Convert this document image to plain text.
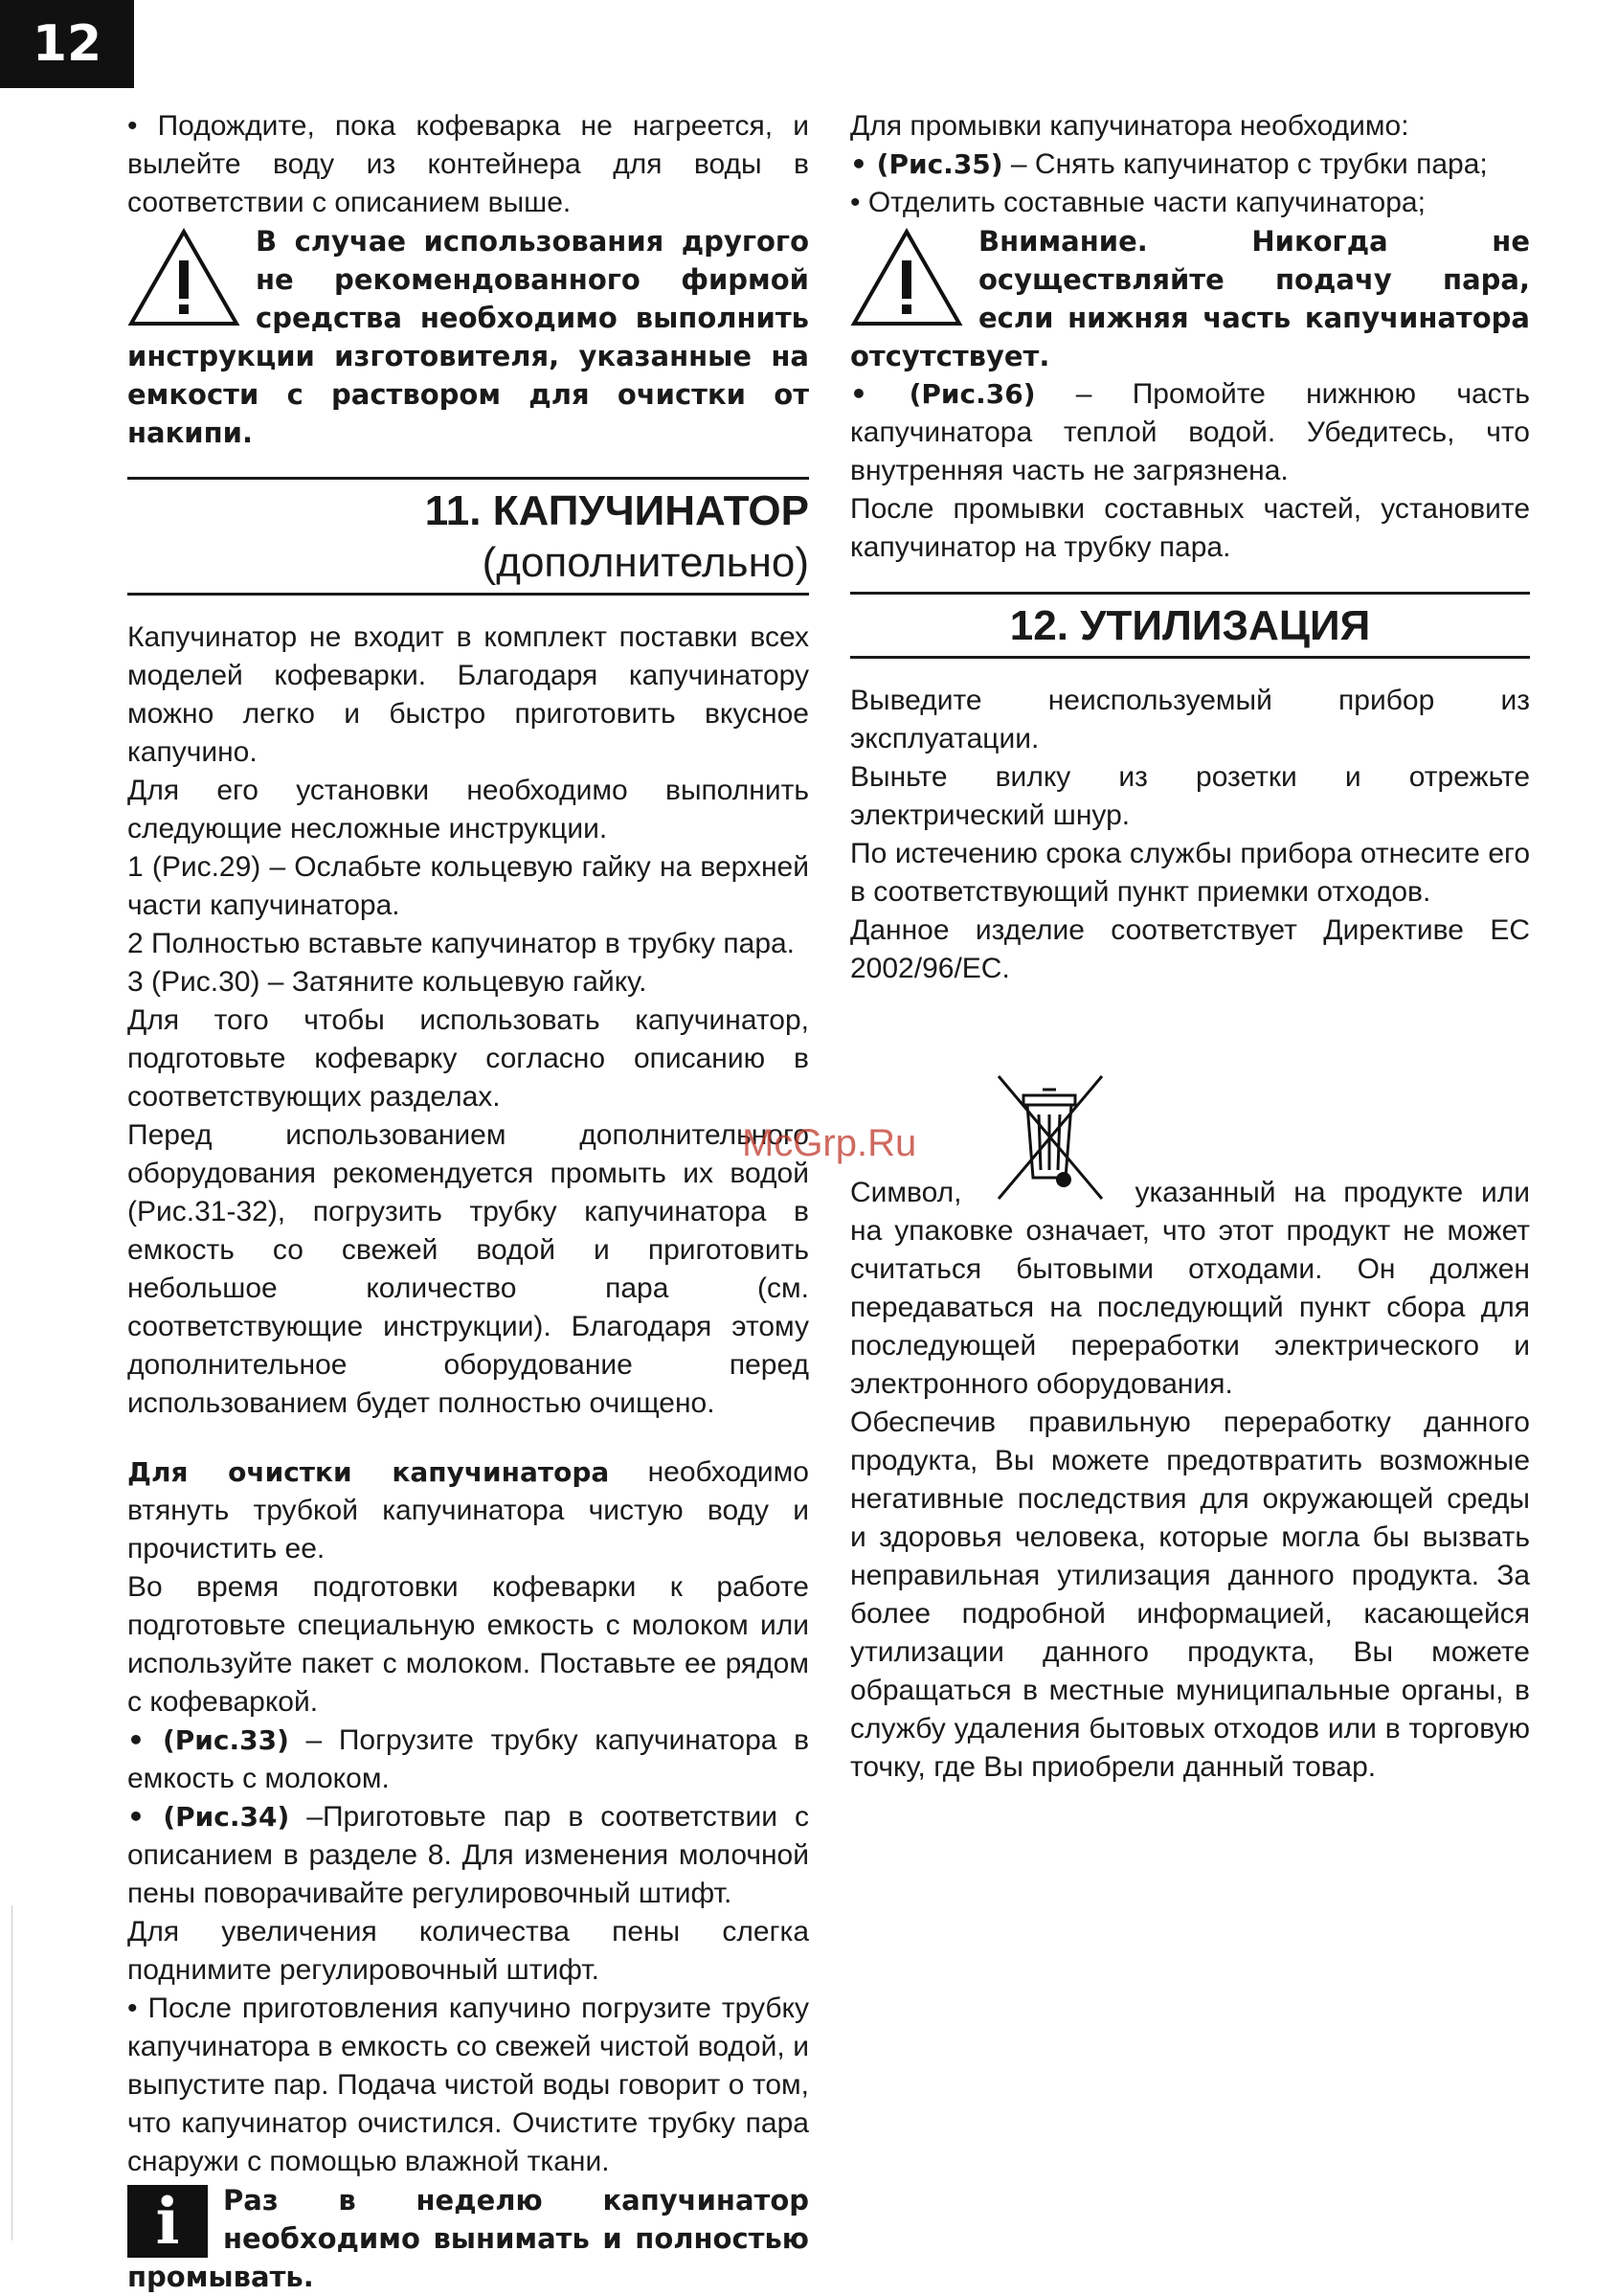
12

• Подождите, пока кофеварка не нагреется, и вылейте воду из контейнера для воды в соответствии с описанием выше.

В случае использования другого не рекомендованного фирмой средства необходимо выполнить инструкции изготовителя, указанные на емкости с раствором для очистки от накипи.
11. КАПУЧИНАТОР (дополнительно)

Капучинатор не входит в комплект поставки всех моделей кофеварки. Благодаря капучинатору можно легко и быстро приготовить вкусное капучино.

Для его установки необходимо выполнить следующие несложные инструкции.

1 (Рис.29) – Ослабьте кольцевую гайку на верхней части капучинатора.

2 Полностью вставьте капучинатор в трубку пара.

3 (Рис.30) – Затяните кольцевую гайку.

Для того чтобы использовать капучинатор, подготовьте кофеварку согласно описанию в соответствующих разделах.

Перед использованием дополнительного оборудования рекомендуется промыть их водой (Рис.31-32), погрузить трубку капучинатора в емкость со свежей водой и приготовить небольшое количество пара (см. соответствующие инструкции). Благодаря этому дополнительное оборудование перед использованием будет полностью очищено.

Для очистки капучинатора необходимо втянуть трубкой капучинатора чистую воду и прочистить ее.

Во время подготовки кофеварки к работе подготовьте специальную емкость с молоком или используйте пакет с молоком. Поставьте ее рядом с кофеваркой.

• (Рис.33) – Погрузите трубку капучинатора в емкость с молоком.

• (Рис.34) –Приготовьте пар в соответствии с описанием в разделе 8. Для изменения молочной пены поворачивайте регулировочный штифт.

Для увеличения количества пены слегка поднимите регулировочный штифт.

• После приготовления капучино погрузите трубку капучинатора в емкость со свежей чистой водой, и выпустите пар. Подача чистой воды говорит о том, что капучинатор очистился. Очистите трубку пара снаружи с помощью влажной ткани.

i	Раз в неделю капучинатор необходимо вынимать и полностью промывать.

Для промывки капучинатора необходимо:

• (Рис.35) – Снять капучинатор с трубки пара;

• Отделить составные части капучинатора;

Внимание. Никогда не осуществляйте подачу пара, если нижняя часть капучинатора отсутствует.

• (Рис.36) – Промойте нижнюю часть капучинатора теплой водой. Убедитесь, что внутренняя часть не загрязнена.

После промывки составных частей, установите капучинатор на трубку пара.

12. УТИЛИЗАЦИЯ

Выведите неиспользуемый прибор из эксплуатации.

Выньте вилку из розетки и отрежьте электрический шнур.

По истечению срока службы прибора отнесите его в соответствующий пункт приемки отходов.

Данное изделие соответствует Директиве ЕС 2002/96/ЕС.

Символ,	указанный на продукте или на упаковке означает, что этот продукт не может считаться бытовыми отходами. Он должен передаваться на последующий пункт сбора для последующей переработки электрического и электронного оборудования.

Обеспечив правильную переработку данного продукта, Вы можете предотвратить возможные негативные последствия для окружающей среды и здоровья человека, которые могла бы вызвать неправильная утилизация данного продукта. За более подробной информацией, касающейся утилизации данного продукта, Вы можете обращаться в местные муниципальные органы, в службу удаления бытовых отходов или в торговую точку, где Вы приобрели данный товар.

McGrp.Ru
